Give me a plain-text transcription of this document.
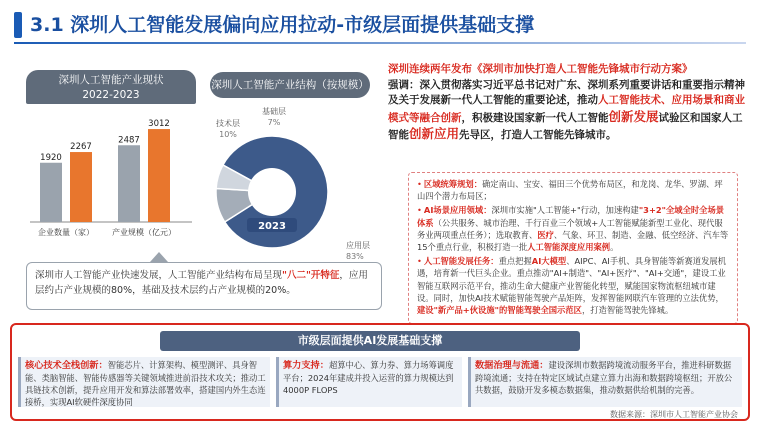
3.1 深圳人工智能发展偏向应用拉动-市级层面提供基础支撑
深圳人工智能产业现状
2022-2023
1920
2267
企业数量（家）
2487
3012
产业规模（亿元）
深圳人工智能产业结构（按规模）
应用层
83%
技术层
10%
基础层
7%
2023
深圳市人工智能产业快速发展，人工智能产业结构布局呈现"八二"开特征，应用层约占产业规模的80%，基础及技术层约占产业规模的20%。
深圳连续两年发布《深圳市加快打造人工智能先锋城市行动方案》
强调：深入贯彻落实习近平总书记对广东、深圳系列重要讲话和重要指示精神及关于发展新一代人工智能的重要论述，推动人工智能技术、应用场景和商业模式等融合创新，积极建设国家新一代人工智能创新发展试验区和国家人工智能创新应用先导区，打造人工智能先锋城市。

• 区域统筹规划：确定南山、宝安、福田三个优势布局区，和龙岗、龙华、罗湖、坪山四个潜力布局区；

• AI场景应用领域：深圳市实施"人工智能+"行动，加速构建"3+2"全域全时全场景体系（公共服务、城市治理、千行百业三个领域+人工智能赋能新型工业化、现代服务业两项重点任务）；选取教育、医疗、气象、环卫、制造、金融、低空经济、汽车等15个重点行业，积极打造一批人工智能深度应用案例。

• 人工智能发展任务：重点把握AI大模型、AIPC、AI手机、具身智能等新赛道发展机遇，培育新一代巨头企业。重点推动"AI+制造"、"AI+医疗"、"AI+交通"，建设工业智能互联网示范平台，推动生命大健康产业智能化转型，赋能国家物流枢纽城市建设。同时，加快AI技术赋能智能驾驶产品矩阵，发挥智能网联汽车管理的立法优势，建设"新产品+伙设施"的智能驾驶全国示范区，打造智能驾驶先锋城。

市级层面提供AI发展基础支撑
核心技术全栈创新：智能芯片、计算架构、模型测评、具身智能、类脑智能、智能传感器等关键领域推进前沿技术攻关；推动工具链技术创新，提升应用开发和算法部署效率，搭建国内外生态连接桥，实现AI软硬件深度协同
算力支持：超算中心、算力券、算力场筹调度平台；2024年建成并投入运营的算力规模达到4000P FLOPS
数据治理与流通：建设深圳市数据跨境流动服务平台，推进科研数据跨境流通；支持在特定区域试点建立算力出海和数据跨境枢纽；开放公共数据，鼓励开发多模态数据集，推动数据供给机制的完善。
数据来源：深圳市人工智能产业协会
